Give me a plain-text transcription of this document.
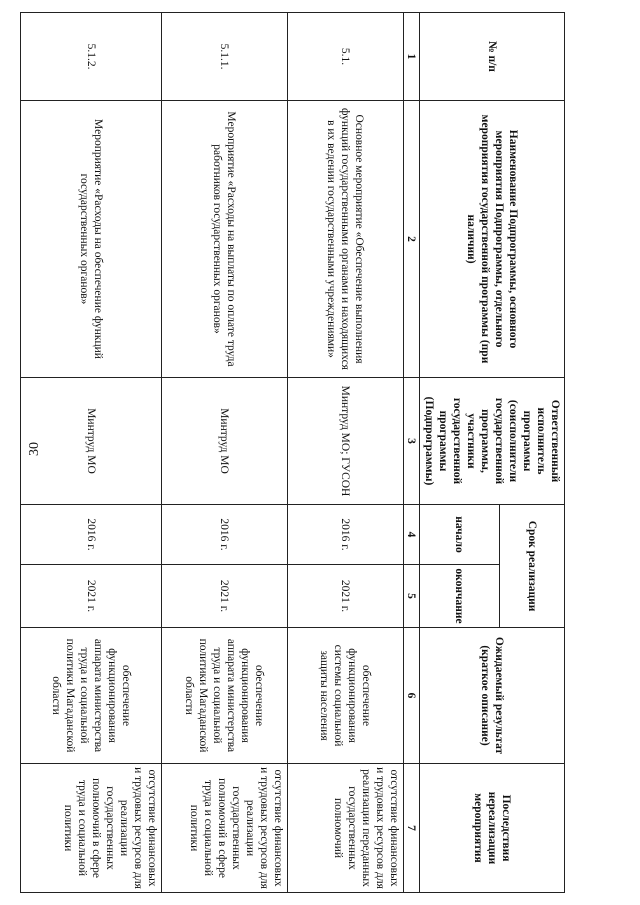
30
№ п/п	Наименование Подпрограммы, основного мероприятия Подпрограммы, отдельного мероприятия государственной программы (при наличии)	Ответственный исполнитель программы (соисполнители государственной программы, участники государственной программы (Подпрограммы)	Срок реализации		Ожидаемый результат (краткое описание)	Последствия нереализации мероприятия
			начало	окончание		
1	2	3	4	5	6	7
5.1.	Основное мероприятие «Обеспечение выполнения функций государственными органами и находящихся в их ведении государственными учреждениями»	Минтруд МО; ГУСОН	2016 г.	2021 г.	обеспечение функционирования системы социальной защиты населения	отсутствие финансовых и трудовых ресурсов для реализации переданных государственных полномочий
5.1.1.	Мероприятие «Расходы на выплаты по оплате труда работников государственных органов»	Минтруд МО	2016 г.	2021 г.	обеспечение функционирования аппарата министерства труда и социальной политики Магаданской области	отсутствие финансовых и трудовых ресурсов для реализации государственных полномочий в сфере труда и социальной политики
5.1.2.	Мероприятие «Расходы на обеспечение функций государственных органов»	Минтруд МО	2016 г.	2021 г.	обеспечение функционирования аппарата министерства труда и социальной политики Магаданской области	отсутствие финансовых и трудовых ресурсов для реализации государственных полномочий в сфере труда и социальной политики
